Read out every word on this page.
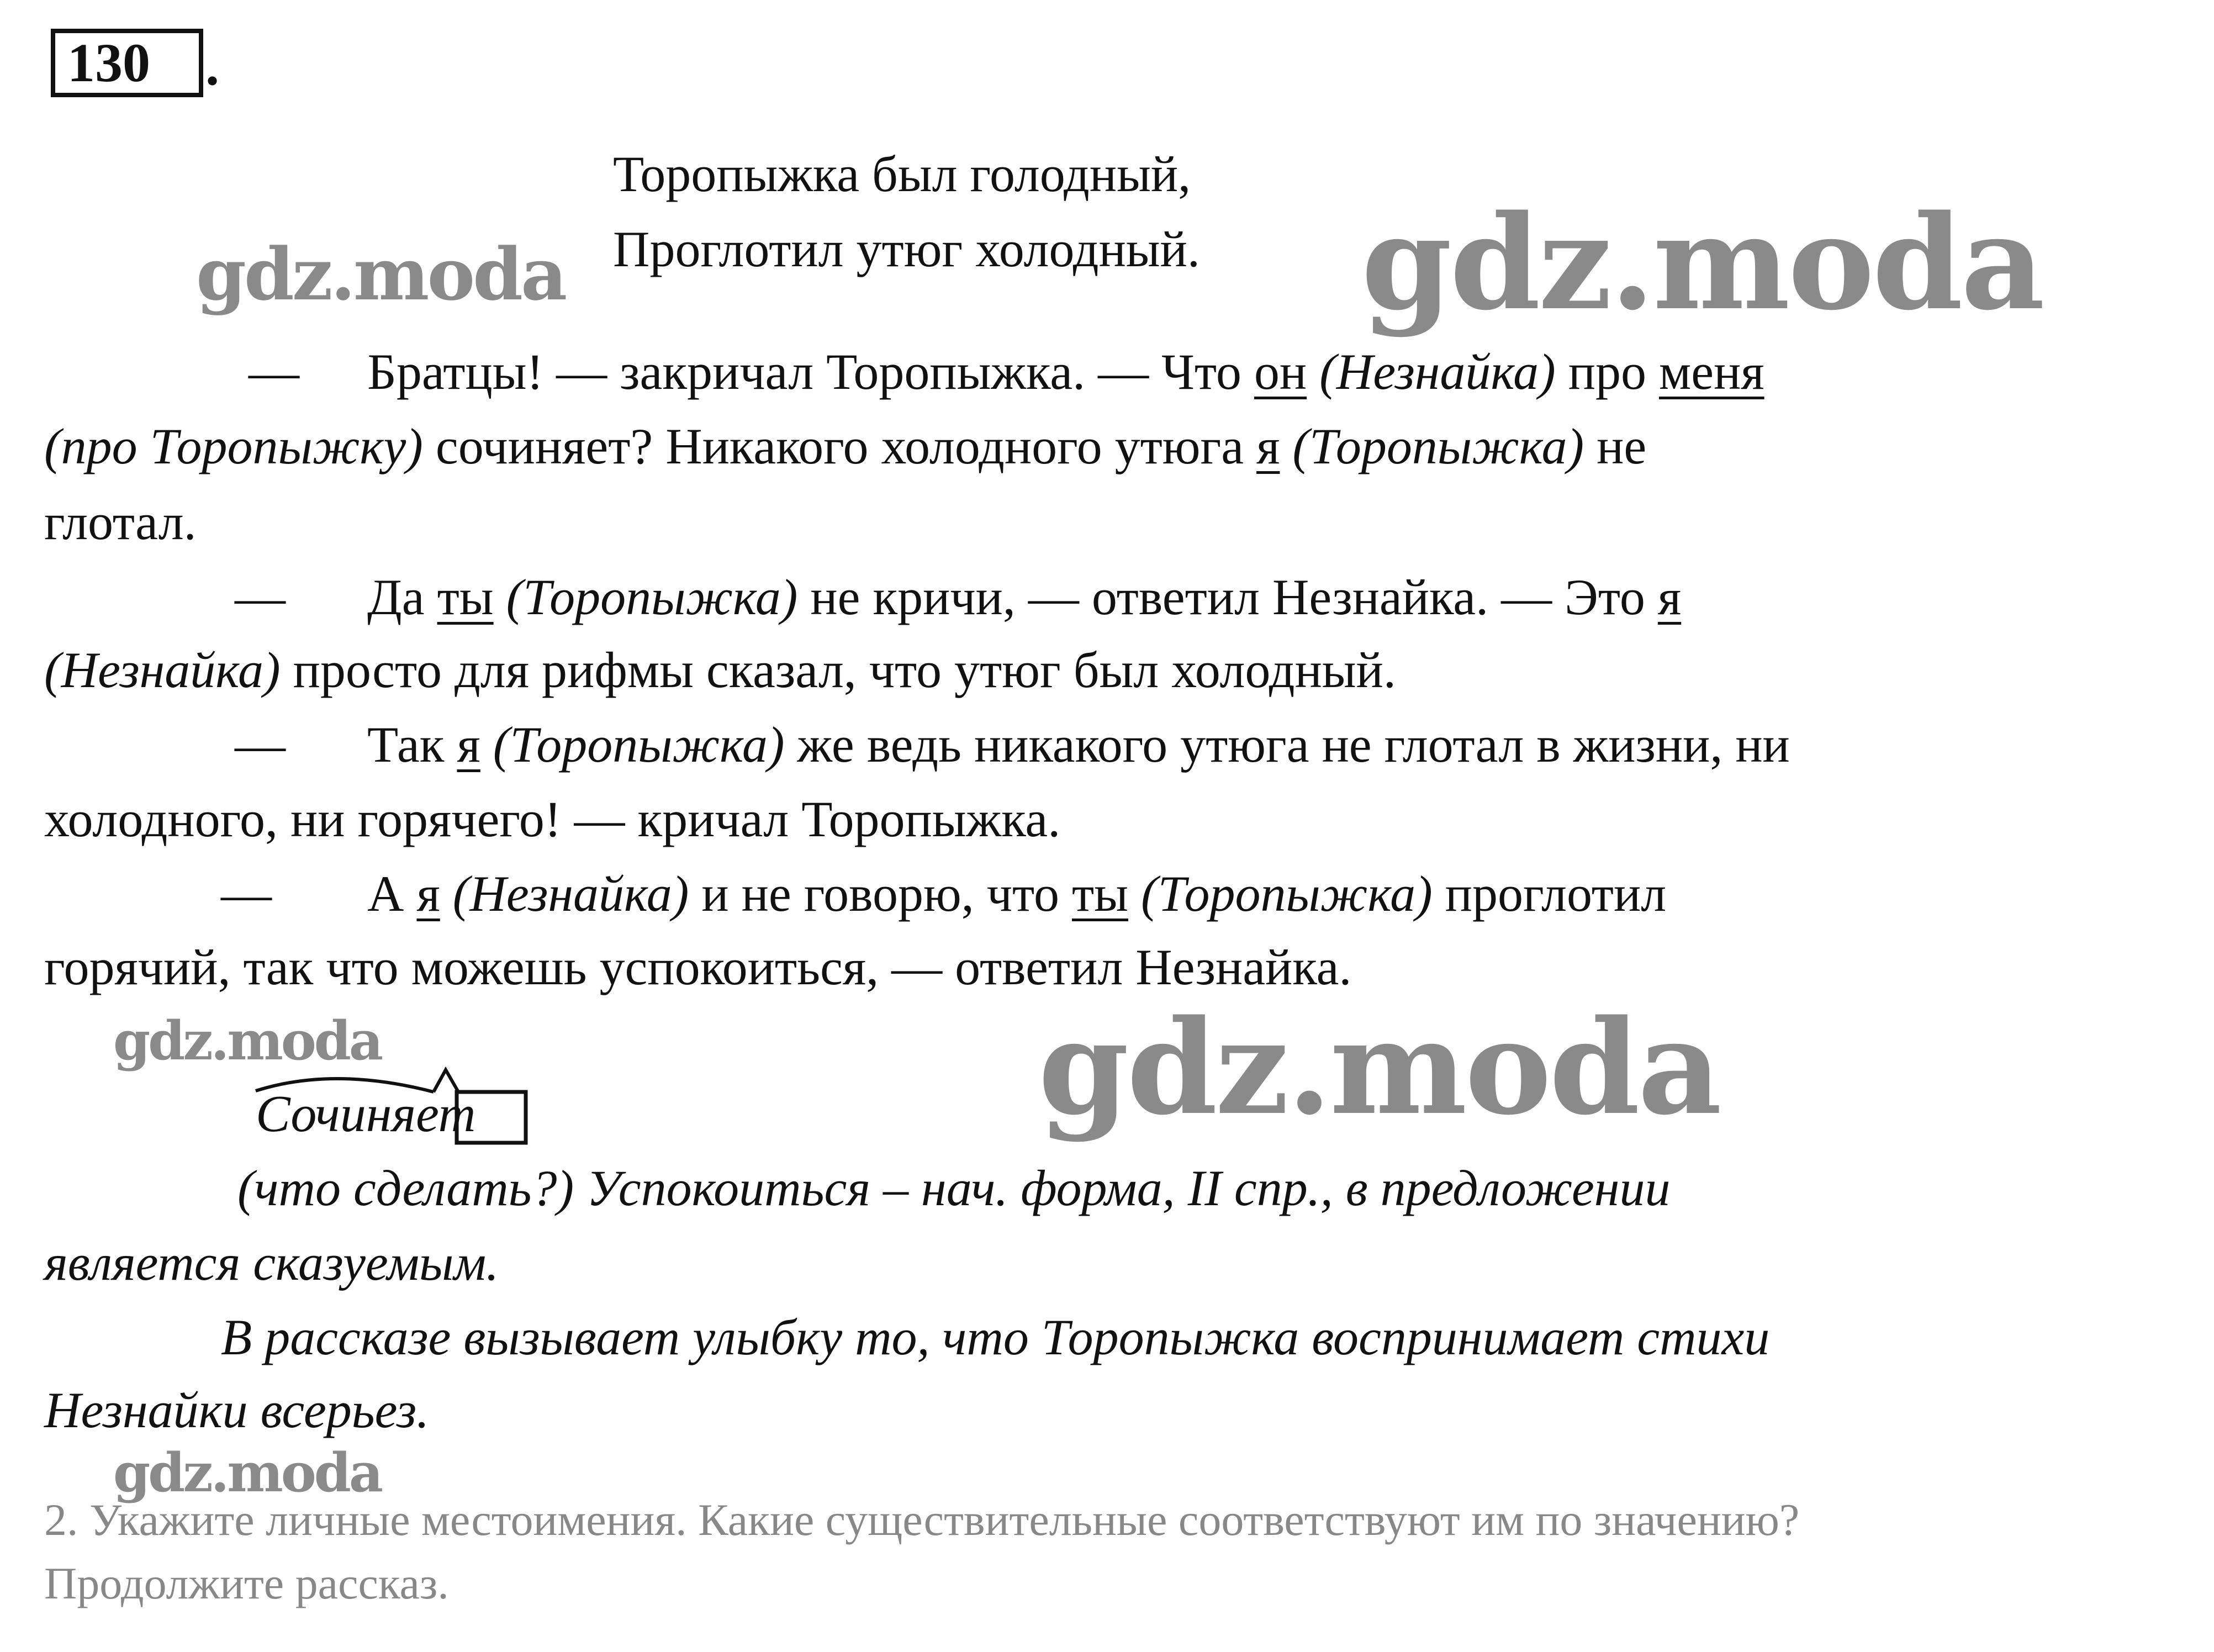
130	.
Торопыжка был голодный,
Проглотил утюг холодный.
gdz.moda	gdz.moda
— Братцы! — закричал Торопыжка. — Что он (Незнайка) про меня
(про Торопыжку) сочиняет? Никакого холодного утюга я (Торопыжка) не
глотал.
— Да ты (Торопыжка) не кричи, — ответил Незнайка. — Это я
(Незнайка) просто для рифмы сказал, что утюг был холодный.
— Так я (Торопыжка) же ведь никакого утюга не глотал в жизни, ни
холодного, ни горячего! — кричал Торопыжка.
— А я (Незнайка) и не говорю, что ты (Торопыжка) проглотил
горячий, так что можешь успокоиться, — ответил Незнайка.
gdz.moda	gdz.moda
Сочиняет
(что сделать?) Успокоиться – нач. форма, II спр., в предложении
является сказуемым.
В рассказе вызывает улыбку то, что Торопыжка воспринимает стихи
Незнайки всерьез.
gdz.moda
2. Укажите личные местоимения. Какие существительные соответствуют им по значению?
Продолжите рассказ.
